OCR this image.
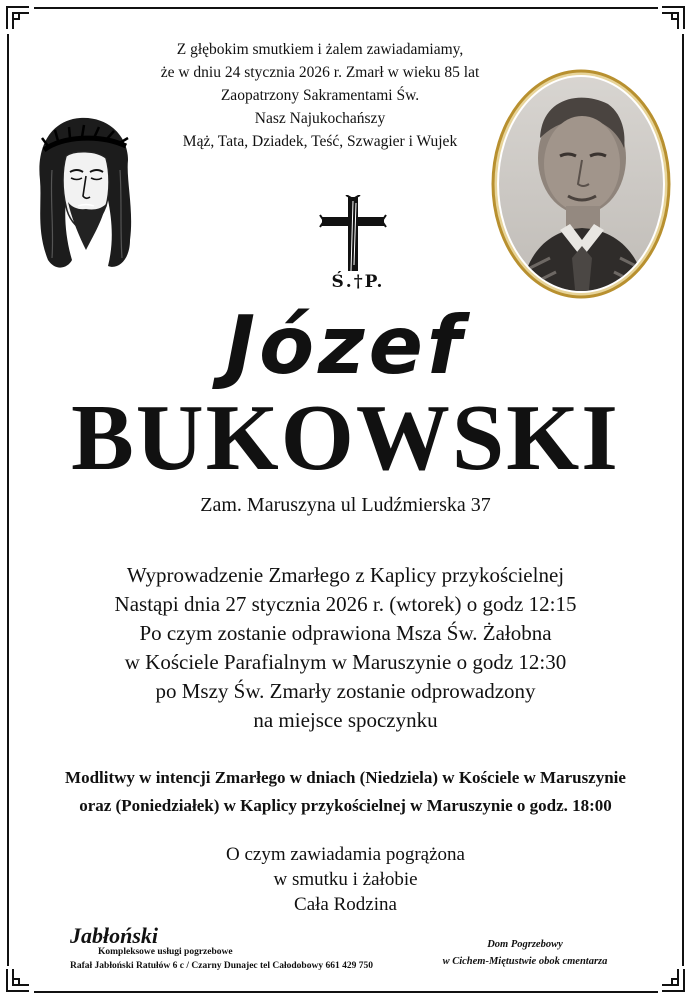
Z głębokim smutkiem i żalem zawiadamiamy,
że w dniu 24 stycznia 2026 r. Zmarł w wieku 85 lat
Zaopatrzony Sakramentami Św.
Nasz Najukochańszy
Mąż, Tata, Dziadek, Teść, Szwagier i Wujek
Ś.†P.
Józef
BUKOWSKI
Zam. Maruszyna ul Ludźmierska 37
Wyprowadzenie Zmarłego z Kaplicy przykościelnej
Nastąpi dnia 27 stycznia 2026 r. (wtorek) o godz 12:15
Po czym zostanie odprawiona Msza Św. Żałobna
w Kościele Parafialnym w Maruszynie o godz 12:30
po Mszy Św. Zmarły zostanie odprowadzony
na miejsce spoczynku
Modlitwy w intencji Zmarłego w dniach (Niedziela) w Kościele w Maruszynie
oraz (Poniedziałek) w Kaplicy przykościelnej w Maruszynie o godz. 18:00
O czym zawiadamia pogrążona
w smutku i żałobie
Cała Rodzina
Jabłoński
Kompleksowe usługi pogrzebowe
Rafał Jabłoński Ratułów 6 c / Czarny Dunajec tel Całodobowy 661 429 750
Dom Pogrzebowy
w Cichem-Miętustwie obok cmentarza
